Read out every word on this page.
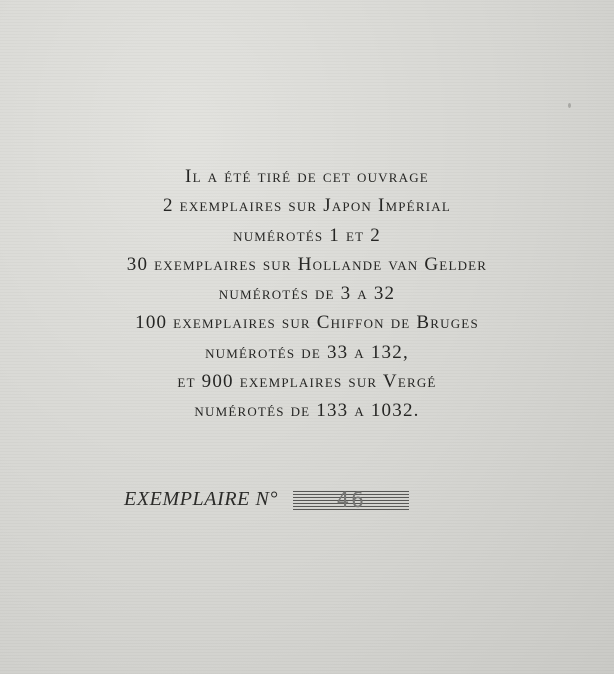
Il a été tiré de cet ouvrage
2 exemplaires sur Japon Impérial
numérotés 1 et 2
30 exemplaires sur Hollande van Gelder
numérotés de 3 a 32
100 exemplaires sur Chiffon de Bruges
numérotés de 33 a 132,
et 900 exemplaires sur Vergé
numérotés de 133 a 1032.
EXEMPLAIRE N°	46
